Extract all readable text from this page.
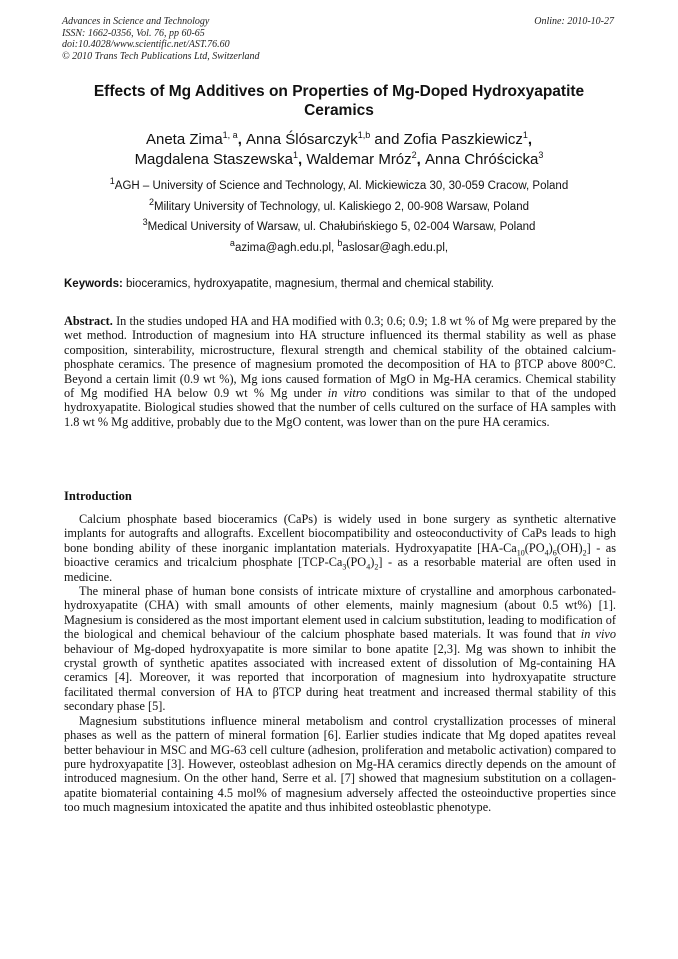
Advances in Science and Technology
ISSN: 1662-0356, Vol. 76, pp 60-65
doi:10.4028/www.scientific.net/AST.76.60
© 2010 Trans Tech Publications Ltd, Switzerland
Online: 2010-10-27
Effects of Mg Additives on Properties of Mg-Doped Hydroxyapatite
Ceramics
Aneta Zima$^{1, a}$, Anna Ślósarczyk$^{1,b}$ and Zofia Paszkiewicz$^1$,
Magdalena Staszewska$^1$, Waldemar Mróz$^2$, Anna Chróścicka$^3$
$^1$AGH – University of Science and Technology, Al. Mickiewicza 30, 30-059 Cracow, Poland
$^2$Military University of Technology, ul. Kaliskiego 2, 00-908 Warsaw, Poland
$^3$Medical University of Warsaw, ul. Chałubińskiego 5, 02-004 Warsaw, Poland
$^a$azima@agh.edu.pl, $^b$aslosar@agh.edu.pl,
Keywords: bioceramics, hydroxyapatite, magnesium, thermal and chemical stability.
Abstract. In the studies undoped HA and HA modified with 0.3; 0.6; 0.9; 1.8 wt % of Mg were prepared by the wet method. Introduction of magnesium into HA structure influenced its thermal stability as well as phase composition, sinterability, microstructure, flexural strength and chemical stability of the obtained calcium-phosphate ceramics. The presence of magnesium promoted the decomposition of HA to βTCP above 800°C. Beyond a certain limit (0.9 wt %), Mg ions caused formation of MgO in Mg-HA ceramics. Chemical stability of Mg modified HA below 0.9 wt % Mg under in vitro conditions was similar to that of the undoped hydroxyapatite. Biological studies showed that the number of cells cultured on the surface of HA samples with 1.8 wt % Mg additive, probably due to the MgO content, was lower than on the pure HA ceramics.
Introduction

Calcium phosphate based bioceramics (CaPs) is widely used in bone surgery as synthetic alternative implants for autografts and allografts. Excellent biocompatibility and osteoconductivity of CaPs leads to high bone bonding ability of these inorganic implantation materials. Hydroxyapatite $[HA-Ca_{10}(PO_4)_6(OH)_2]$ - as bioactive ceramics and tricalcium phosphate $[TCP-Ca_3(PO_4)_2]$ - as a resorbable material are often used in medicine.

The mineral phase of human bone consists of intricate mixture of crystalline and amorphous carbonated-hydroxyapatite (CHA) with small amounts of other elements, mainly magnesium (about 0.5 wt%) [1]. Magnesium is considered as the most important element used in calcium substitution, leading to modification of the biological and chemical behaviour of the calcium phosphate based materials. It was found that in vivo behaviour of Mg-doped hydroxyapatite is more similar to bone apatite [2,3]. Mg was shown to inhibit the crystal growth of synthetic apatites associated with increased extent of dissolution of Mg-containing HA ceramics [4]. Moreover, it was reported that incorporation of magnesium into hydroxyapatite structure facilitated thermal conversion of HA to βTCP during heat treatment and increased thermal stability of this secondary phase [5].

Magnesium substitutions influence mineral metabolism and control crystallization processes of mineral phases as well as the pattern of mineral formation [6]. Earlier studies indicate that Mg doped apatites reveal better behaviour in MSC and MG-63 cell culture (adhesion, proliferation and metabolic activation) compared to pure hydroxyapatite [3]. However, osteoblast adhesion on Mg-HA ceramics directly depends on the amount of introduced magnesium. On the other hand, Serre et al. [7] showed that magnesium substitution on a collagen-apatite biomaterial containing 4.5 mol% of magnesium adversely affected the osteoinductive properties since too much magnesium intoxicated the apatite and thus inhibited osteoblastic phenotype.
